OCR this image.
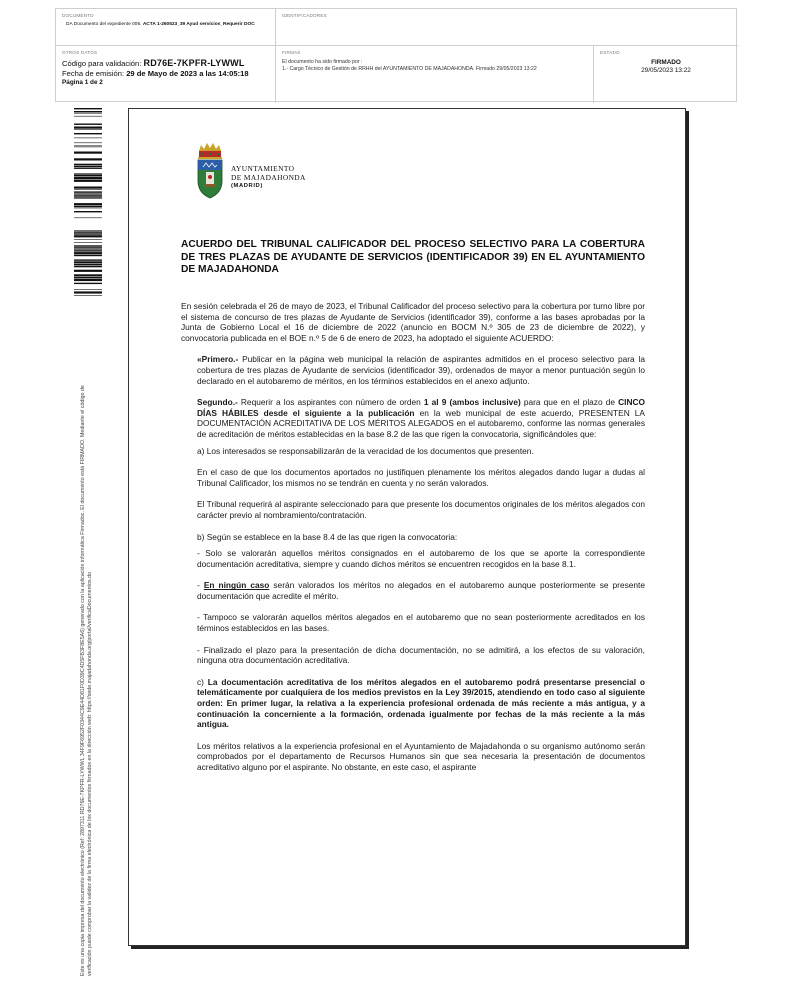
DOCUMENTO
DA Documento del expediente 006. ACTA 1-260523_39 Ayud servicios_Requerir DOC
IDENTIFICADORES
OTROS DATOS
Código para validación: RD76E-7KPFR-LYWWL
Fecha de emisión: 29 de Mayo de 2023 a las 14:05:18
Página 1 de 2
FIRMAS
El documento ha sido firmado por :
1.- Cargo Técnico de Gestión de RRHH del AYUNTAMIENTO DE MAJADAHONDA. Firmado 29/05/2023 13:22
ESTADO
FIRMADO
29/05/2023 13:22
Este es una copia impresa del documento electrónico (Ref: 2897311 RD76E-7KPFR-LYWWL 34F9F6952F0344C9E44D81F0D39C4D5FB3F8E5A6) generado con la aplicación informática Firmadoc. El documento está FIRMADO. Mediante el código de verificación puede comprobar la validez de la firma electrónica de los documentos firmados en la dirección web: https://sede.majadahonda.org/portal/verificaDocumentos.do
AYUNTAMIENTO
DE MAJADAHONDA
(MADRID)
ACUERDO DEL TRIBUNAL CALIFICADOR DEL PROCESO SELECTIVO PARA LA COBERTURA DE TRES PLAZAS DE AYUDANTE DE SERVICIOS (IDENTIFICADOR 39) EN EL AYUNTAMIENTO DE MAJADAHONDA

En sesión celebrada el 26 de mayo de 2023, el Tribunal Calificador del proceso selectivo para la cobertura por turno libre por el sistema de concurso de tres plazas de Ayudante de Servicios (identificador 39), conforme a las bases aprobadas por la Junta de Gobierno Local el 16 de diciembre de 2022 (anuncio en BOCM N.º 305 de 23 de diciembre de 2022), y convocatoria publicada en el BOE n.º 5 de 6 de enero de 2023, ha adoptado el siguiente ACUERDO:

«Primero.- Publicar en la página web municipal la relación de aspirantes admitidos en el proceso selectivo para la cobertura de tres plazas de Ayudante de servicios (identificador 39), ordenados de mayor a menor puntuación según lo declarado en el autobaremo de méritos, en los términos establecidos en el anexo adjunto.

Segundo.- Requerir a los aspirantes con número de orden 1 al 9 (ambos inclusive) para que en el plazo de CINCO DÍAS HÁBILES desde el siguiente a la publicación en la web municipal de este acuerdo, PRESENTEN LA DOCUMENTACIÓN ACREDITATIVA DE LOS MÉRITOS ALEGADOS en el autobaremo, conforme las normas generales de acreditación de méritos establecidas en la base 8.2 de las que rigen la convocatoria, significándoles que:

a) Los interesados se responsabilizarán de la veracidad de los documentos que presenten.

En el caso de que los documentos aportados no justifiquen plenamente los méritos alegados dando lugar a dudas al Tribunal Calificador, los mismos no se tendrán en cuenta y no serán valorados.

El Tribunal requerirá al aspirante seleccionado para que presente los documentos originales de los méritos alegados con carácter previo al nombramiento/contratación.

b) Según se establece en la base 8.4 de las que rigen la convocatoria:

- Solo se valorarán aquellos méritos consignados en el autobaremo de los que se aporte la correspondiente documentación acreditativa, siempre y cuando dichos méritos se encuentren recogidos en la base 8.1.

- En ningún caso serán valorados los méritos no alegados en el autobaremo aunque posteriormente se presente documentación que acredite el mérito.

- Tampoco se valorarán aquellos méritos alegados en el autobaremo que no sean posteriormente acreditados en los términos establecidos en las bases.

- Finalizado el plazo para la presentación de dicha documentación, no se admitirá, a los efectos de su valoración, ninguna otra documentación acreditativa.

c) La documentación acreditativa de los méritos alegados en el autobaremo podrá presentarse presencial o telemáticamente por cualquiera de los medios previstos en la Ley 39/2015, atendiendo en todo caso al siguiente orden: En primer lugar, la relativa a la experiencia profesional ordenada de más reciente a más antigua, y a continuación la concerniente a la formación, ordenada igualmente por fechas de la más reciente a la más antigua.

Los méritos relativos a la experiencia profesional en el Ayuntamiento de Majadahonda o su organismo autónomo serán comprobados por el departamento de Recursos Humanos sin que sea necesaria la presentación de documentos acreditativo alguno por el aspirante. No obstante, en este caso, el aspirante
